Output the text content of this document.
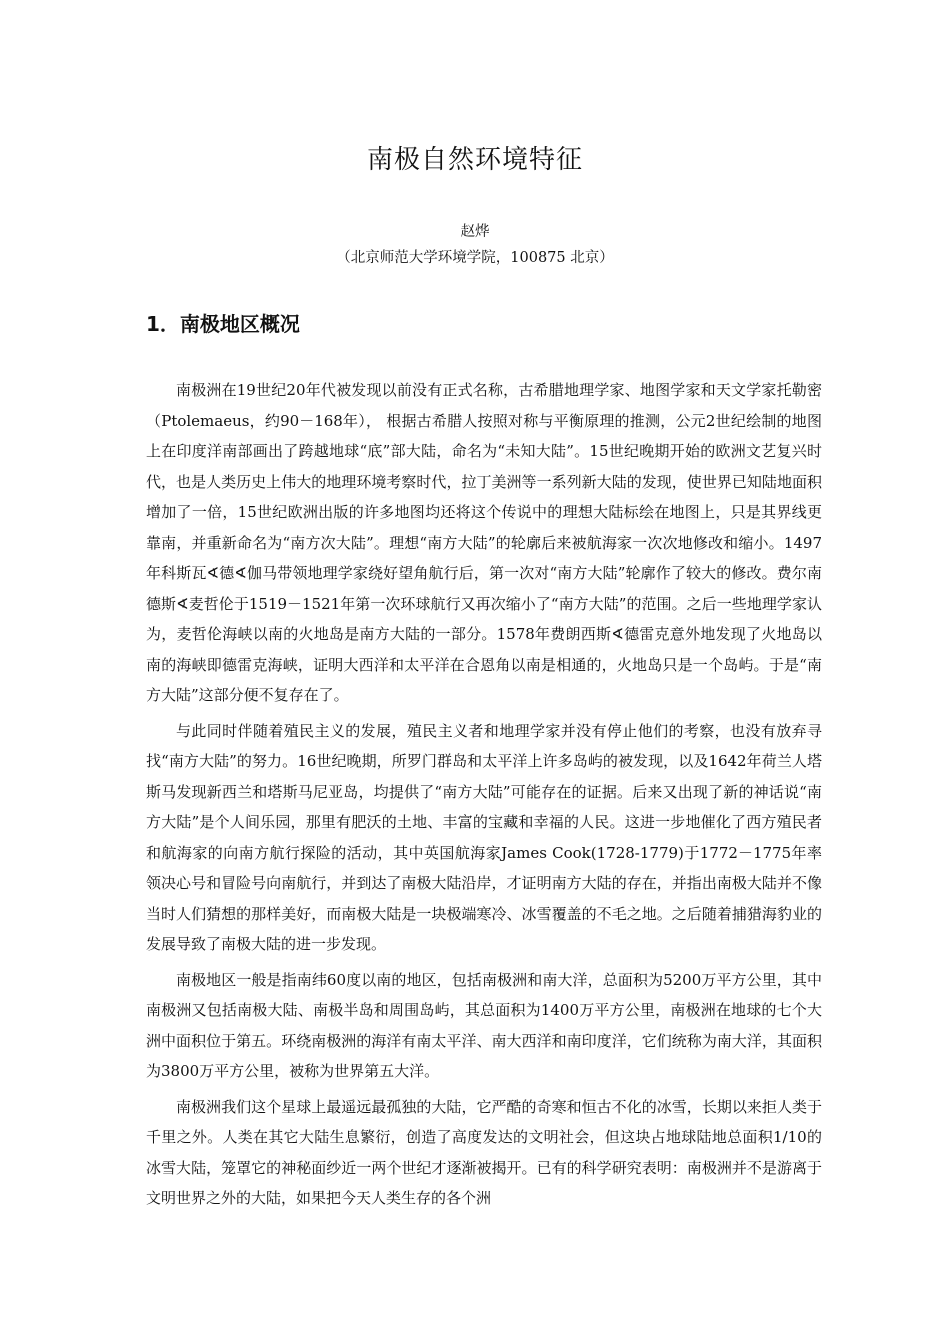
南极自然环境特征
赵烨
（北京师范大学环境学院，100875 北京）
1．南极地区概况

南极洲在19世纪20年代被发现以前没有正式名称，古希腊地理学家、地图学家和天文学家托勒密（Ptolemaeus，约90－168年）， 根据古希腊人按照对称与平衡原理的推测，公元2世纪绘制的地图上在印度洋南部画出了跨越地球“底”部大陆，命名为“未知大陆”。15世纪晚期开始的欧洲文艺复兴时代，也是人类历史上伟大的地理环境考察时代，拉丁美洲等一系列新大陆的发现，使世界已知陆地面积增加了一倍，15世纪欧洲出版的许多地图均还将这个传说中的理想大陆标绘在地图上，只是其界线更靠南，并重新命名为“南方次大陆”。理想“南方大陆”的轮廓后来被航海家一次次地修改和缩小。1497年科斯瓦∢德∢伽马带领地理学家绕好望角航行后，第一次对“南方大陆”轮廓作了较大的修改。费尔南德斯∢麦哲伦于1519－1521年第一次环球航行又再次缩小了“南方大陆”的范围。之后一些地理学家认为，麦哲伦海峡以南的火地岛是南方大陆的一部分。1578年费朗西斯∢德雷克意外地发现了火地岛以南的海峡即德雷克海峡，证明大西洋和太平洋在合恩角以南是相通的，火地岛只是一个岛屿。于是“南方大陆”这部分便不复存在了。

与此同时伴随着殖民主义的发展，殖民主义者和地理学家并没有停止他们的考察，也没有放弃寻找“南方大陆”的努力。16世纪晚期，所罗门群岛和太平洋上许多岛屿的被发现，以及1642年荷兰人塔斯马发现新西兰和塔斯马尼亚岛，均提供了“南方大陆”可能存在的证据。后来又出现了新的神话说“南方大陆”是个人间乐园，那里有肥沃的土地、丰富的宝藏和幸福的人民。这进一步地催化了西方殖民者和航海家的向南方航行探险的活动，其中英国航海家James Cook(1728-1779)于1772－1775年率领决心号和冒险号向南航行，并到达了南极大陆沿岸，才证明南方大陆的存在，并指出南极大陆并不像当时人们猜想的那样美好，而南极大陆是一块极端寒冷、冰雪覆盖的不毛之地。之后随着捕猎海豹业的发展导致了南极大陆的进一步发现。

南极地区一般是指南纬60度以南的地区，包括南极洲和南大洋，总面积为5200万平方公里，其中南极洲又包括南极大陆、南极半岛和周围岛屿，其总面积为1400万平方公里，南极洲在地球的七个大洲中面积位于第五。环绕南极洲的海洋有南太平洋、南大西洋和南印度洋，它们统称为南大洋，其面积为3800万平方公里，被称为世界第五大洋。

南极洲我们这个星球上最遥远最孤独的大陆，它严酷的奇寒和恒古不化的冰雪，长期以来拒人类于千里之外。人类在其它大陆生息繁衍，创造了高度发达的文明社会，但这块占地球陆地总面积1/10的冰雪大陆，笼罩它的神秘面纱近一两个世纪才逐渐被揭开。已有的科学研究表明：南极洲并不是游离于文明世界之外的大陆，如果把今天人类生存的各个洲
